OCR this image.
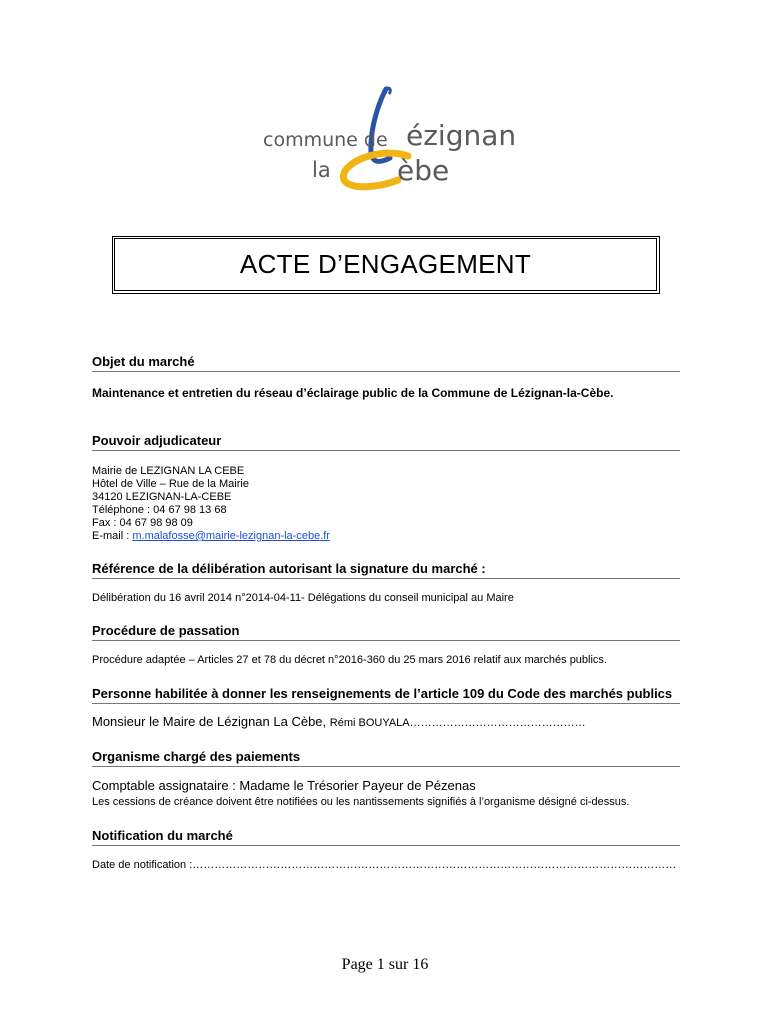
commune de ézignan
la èbe
ACTE D’ENGAGEMENT
Objet du marché
Maintenance et entretien du réseau d’éclairage public de la Commune de Lézignan-la-Cèbe.
Pouvoir adjudicateur
Mairie de LEZIGNAN LA CEBE
Hôtel de Ville – Rue de la Mairie
34120 LEZIGNAN-LA-CEBE
Téléphone : 04 67 98 13 68
Fax : 04 67 98 98 09
E-mail : m.malafosse@mairie-lezignan-la-cebe.fr
Référence de la délibération autorisant la signature du marché :
Délibération du 16 avril 2014 n°2014-04-11- Délégations du conseil municipal au Maire
Procédure de passation
Procédure adaptée – Articles 27 et 78 du décret n°2016-360 du 25 mars 2016 relatif aux marchés publics.
Personne habilitée à donner les renseignements de l’article 109 du Code des marchés publics
Monsieur le Maire de Lézignan La Cèbe, Rémi BOUYALA…………………………………………
Organisme chargé des paiements
Comptable assignataire : Madame le Trésorier Payeur de Pézenas
Les cessions de créance doivent être notifiées ou les nantissements signifiés à l’organisme désigné ci-dessus.
Notification du marché
Date de notification :……………………………………………………………………………………………………………………
Page 1 sur 16
